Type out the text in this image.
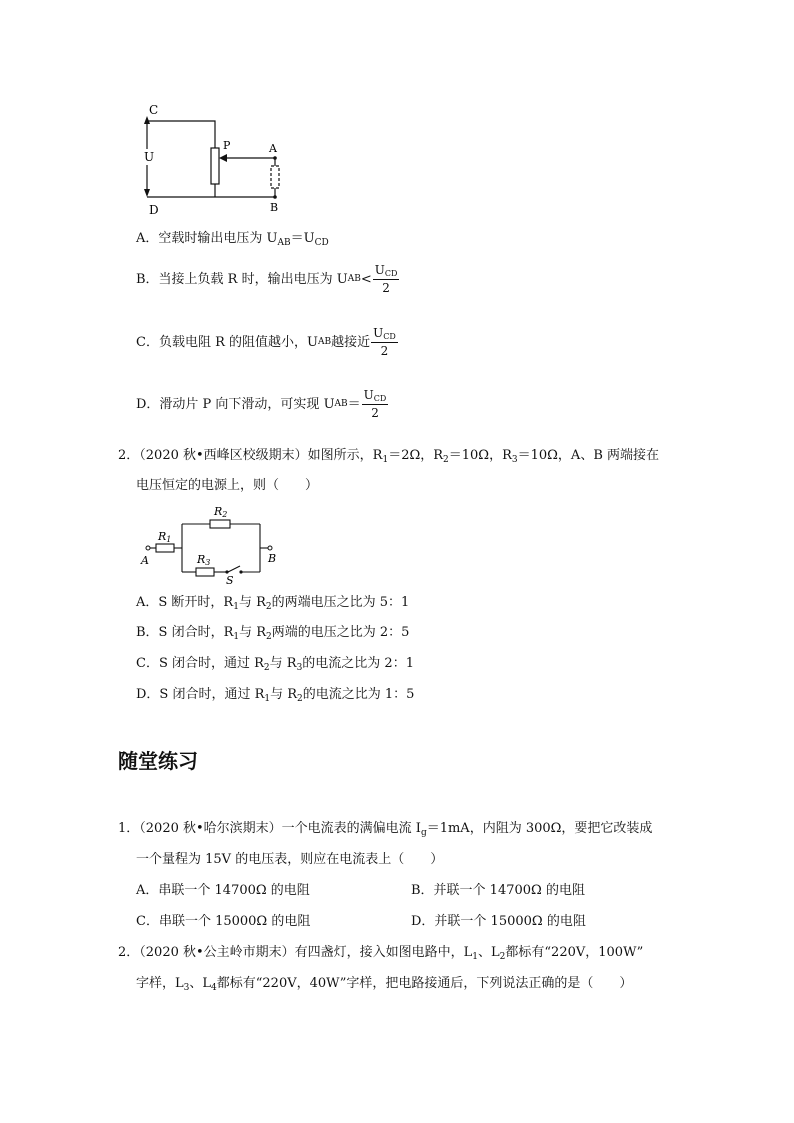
C
D
U
P	A
B
A．空载时输出电压为 $U_{AB}=U_{CD}$
B．当接上负载 R 时，输出电压为 U AB < $\frac{U_{CD}}{2}$
C．负载电阻 R 的阻值越小，U AB 越接近 $\frac{U_{CD}}{2}$
D．滑动片 P 向下滑动，可实现 U AB ＝ $\frac{U_{CD}}{2}$
2．（2020 秋•西峰区校级期末）如图所示，$R_1=2\Omega$，$R_2=10\Omega$，$R_3=10\Omega$，A、B 两端接在
电压恒定的电源上，则（　　）
R1
R2
R3
A	B
S
A．S 断开时，$R_1$与 $R_2$的两端电压之比为 5：1
B．S 闭合时，$R_1$与 $R_2$两端的电压之比为 2：5
C．S 闭合时，通过 $R_2$与 $R_3$的电流之比为 2：1
D．S 闭合时，通过 $R_1$与 $R_2$的电流之比为 1：5
随堂练习
1．（2020 秋•哈尔滨期末）一个电流表的满偏电流 $I_g=1mA$，内阻为 300Ω，要把它改装成
一个量程为 15V 的电压表，则应在电流表上（　　）
A．串联一个 14700Ω 的电阻	B．并联一个 14700Ω 的电阻
C．串联一个 15000Ω 的电阻	D．并联一个 15000Ω 的电阻
2．（2020 秋•公主岭市期末）有四盏灯，接入如图电路中，$L_1$、$L_2$都标有“220V，100W”
字样，$L_3$、$L_4$都标有“220V，40W”字样，把电路接通后，下列说法正确的是（　　）
